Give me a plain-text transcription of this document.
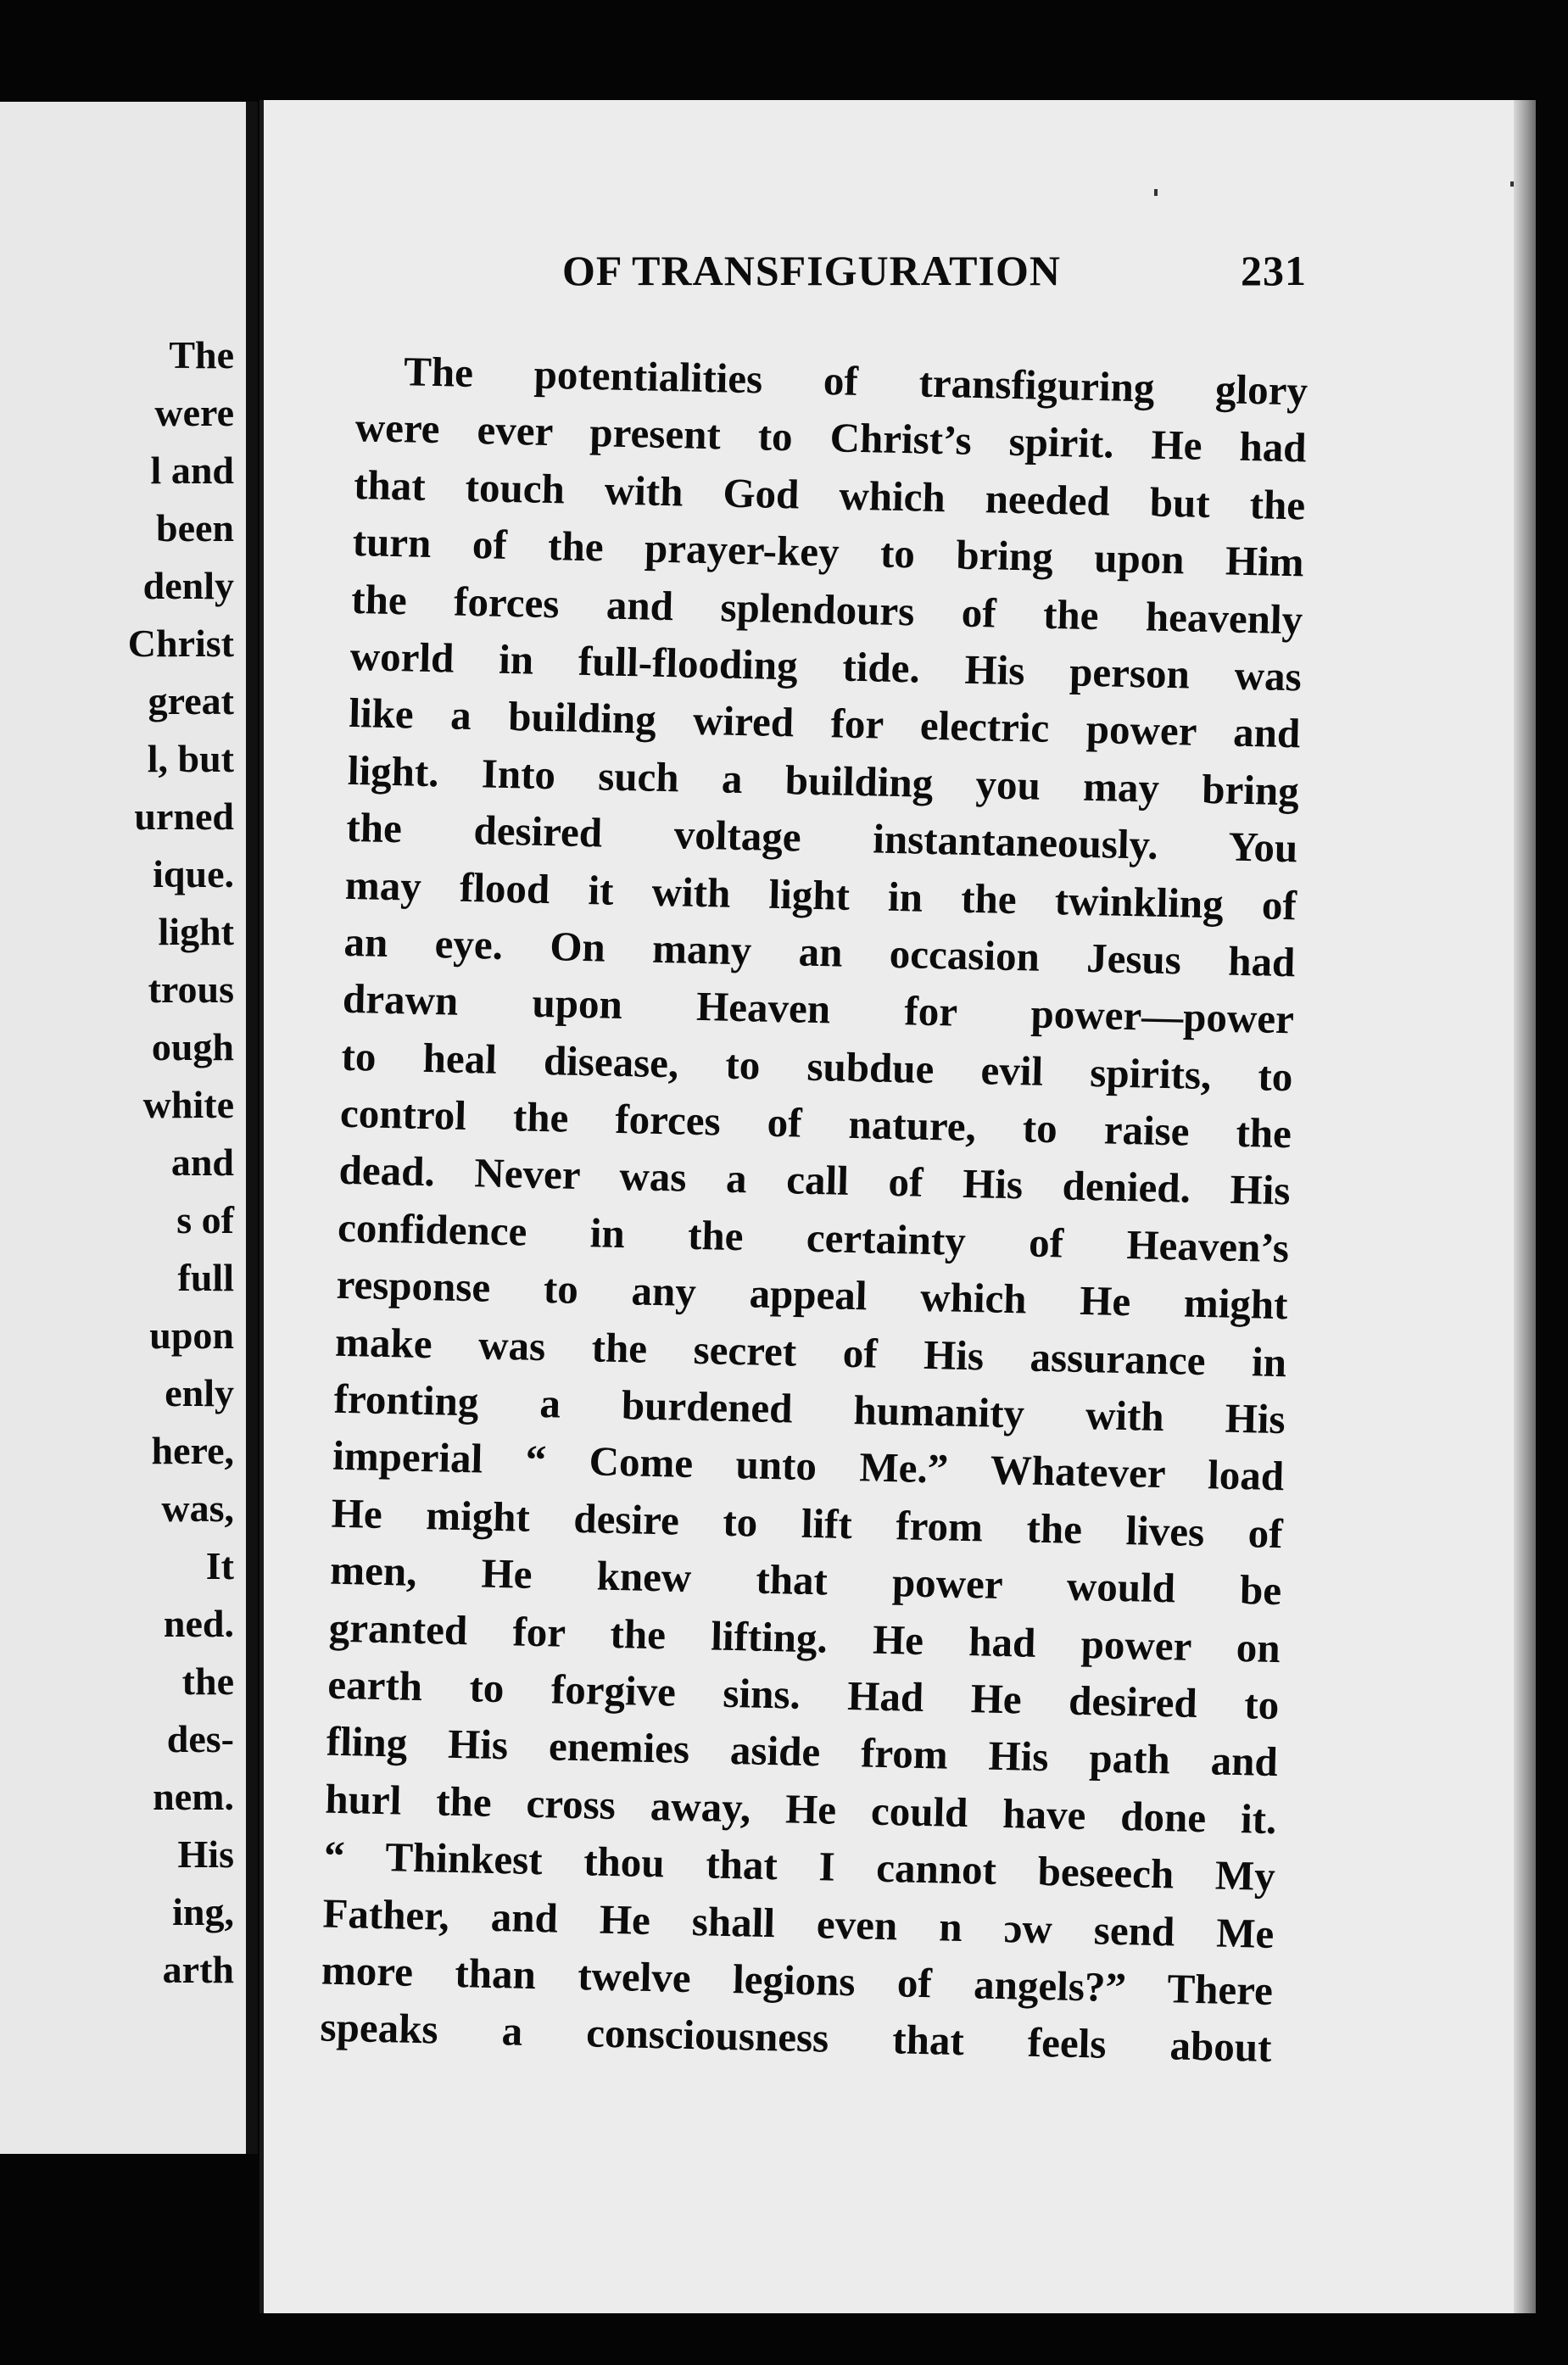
The
were
l and
been
denly
Christ
great
l, but
urned
ique.
light
trous
ough
white
and
s of
full
upon
enly
here,
was,
It
ned.
the
des-
nem.
His
ing,
arth
OF TRANSFIGURATION	231
The potentialities of transfiguring glory
were ever present to Christ’s spirit. He had
that touch with God which needed but the
turn of the prayer-key to bring upon Him
the forces and splendours of the heavenly
world in full-flooding tide. His person was
like a building wired for electric power and
light. Into such a building you may bring
the desired voltage instantaneously. You
may flood it with light in the twinkling of
an eye. On many an occasion Jesus had
drawn upon Heaven for power—power
to heal disease, to subdue evil spirits, to
control the forces of nature, to raise the
dead. Never was a call of His denied. His
confidence in the certainty of Heaven’s
response to any appeal which He might
make was the secret of His assurance in
fronting a burdened humanity with His
imperial “ Come unto Me.” Whatever load
He might desire to lift from the lives of
men, He knew that power would be
granted for the lifting. He had power on
earth to forgive sins. Had He desired to
fling His enemies aside from His path and
hurl the cross away, He could have done it.
“ Thinkest thou that I cannot beseech My
Father, and He shall even n ɔw send Me
more than twelve legions of angels?” There
speaks a consciousness that feels about
